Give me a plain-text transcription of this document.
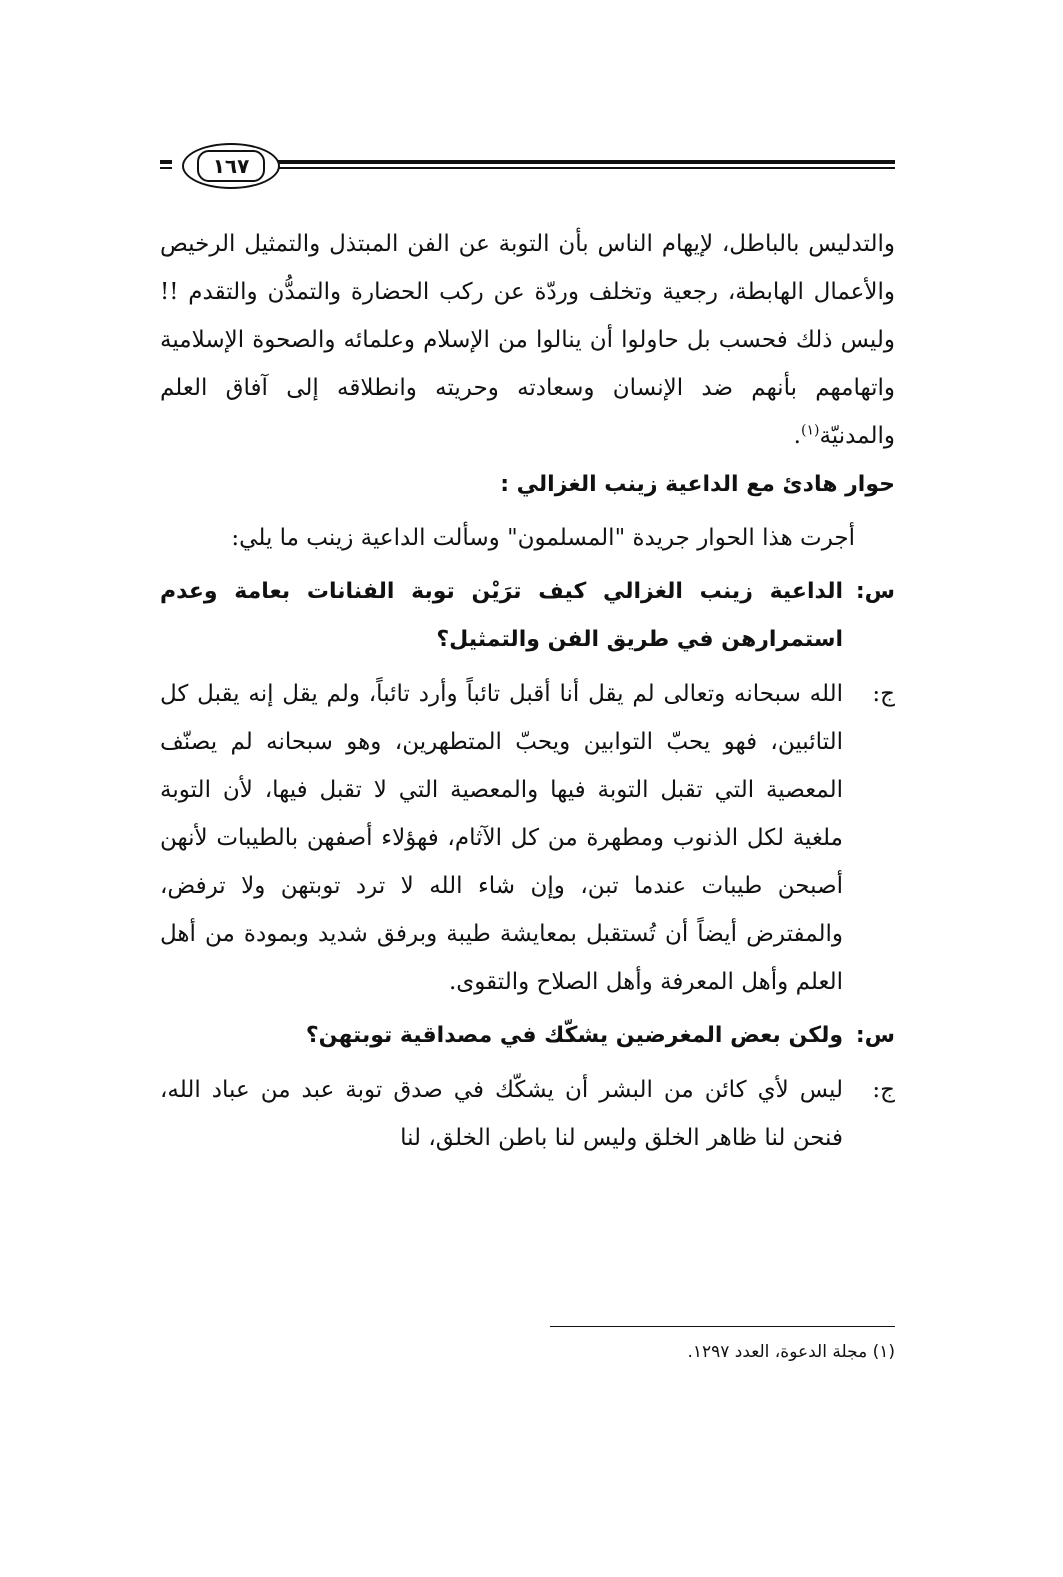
١٦٧

والتدليس بالباطل، لإيهام الناس بأن التوبة عن الفن المبتذل والتمثيل الرخيص والأعمال الهابطة، رجعية وتخلف وردّة عن ركب الحضارة والتمدُّن والتقدم !! وليس ذلك فحسب بل حاولوا أن ينالوا من الإسلام وعلمائه والصحوة الإسلامية واتهامهم بأنهم ضد الإنسان وسعادته وحريته وانطلاقه إلى آفاق العلم والمدنيّة$^{(١)}$.

حوار هادئ مع الداعية زينب الغزالي :

أجرت هذا الحوار جريدة "المسلمون" وسألت الداعية زينب ما يلي:

س:
الداعية زينب الغزالي كيف ترَيْن توبة الفنانات بعامة وعدم استمرارهن في طريق الفن والتمثيل؟
ج:
الله سبحانه وتعالى لم يقل أنا أقبل تائباً وأرد تائباً، ولم يقل إنه يقبل كل التائبين، فهو يحبّ التوابين ويحبّ المتطهرين، وهو سبحانه لم يصنّف المعصية التي تقبل التوبة فيها والمعصية التي لا تقبل فيها، لأن التوبة ملغية لكل الذنوب ومطهرة من كل الآثام، فهؤلاء أصفهن بالطيبات لأنهن أصبحن طيبات عندما تبن، وإن شاء الله لا ترد توبتهن ولا ترفض، والمفترض أيضاً أن تُستقبل بمعايشة طيبة وبرفق شديد وبمودة من أهل العلم وأهل المعرفة وأهل الصلاح والتقوى.
س:
ولكن بعض المغرضين يشكّك في مصداقية توبتهن؟
ج:
ليس لأي كائن من البشر أن يشكّك في صدق توبة عبد من عباد الله، فنحن لنا ظاهر الخلق وليس لنا باطن الخلق، لنا

(١) مجلة الدعوة، العدد ١٢٩٧.
